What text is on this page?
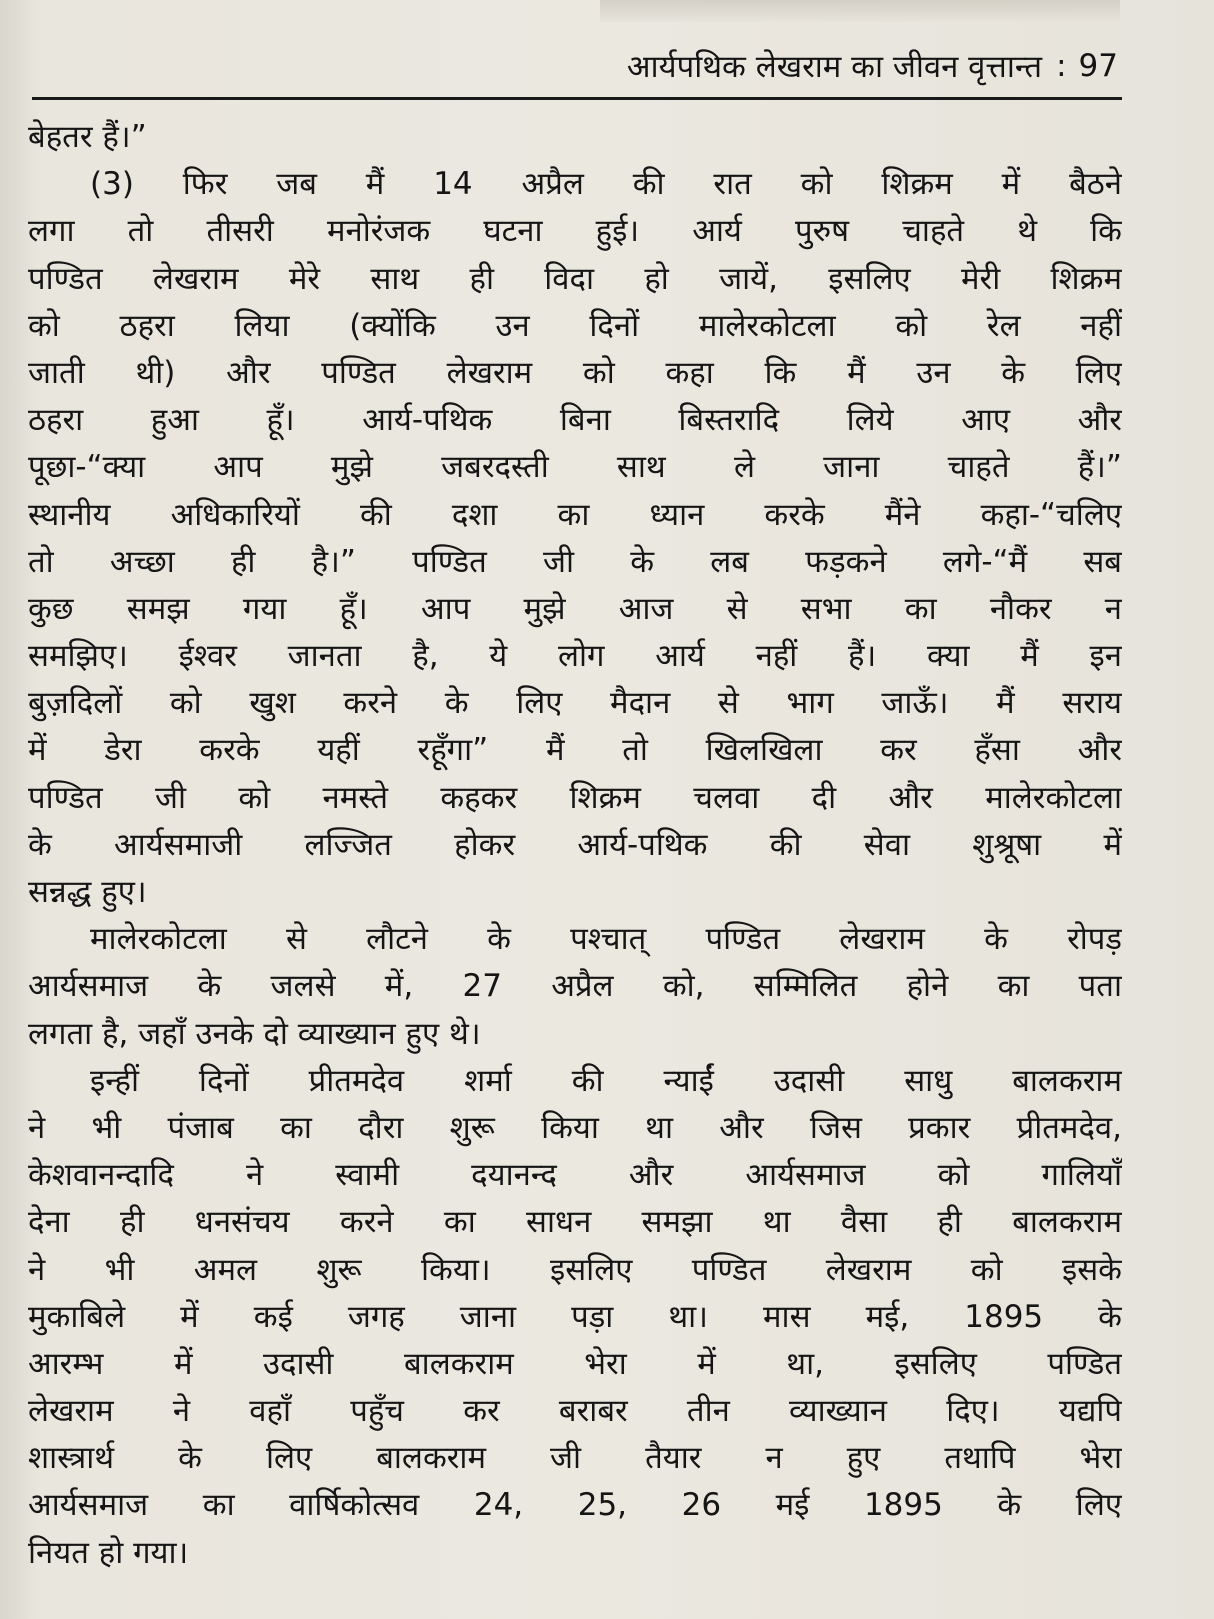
आर्यपथिक लेखराम का जीवन वृत्तान्त : 97
बेहतर हैं।”
(3) फिर जब मैं 14 अप्रैल की रात को शिक्रम में बैठने
लगा तो तीसरी मनोरंजक घटना हुई। आर्य पुरुष चाहते थे कि
पण्डित लेखराम मेरे साथ ही विदा हो जायें, इसलिए मेरी शिक्रम
को ठहरा लिया (क्योंकि उन दिनों मालेरकोटला को रेल नहीं
जाती थी) और पण्डित लेखराम को कहा कि मैं उन के लिए
ठहरा हुआ हूँ। आर्य-पथिक बिना बिस्तरादि लिये आए और
पूछा-“क्या आप मुझे जबरदस्ती साथ ले जाना चाहते हैं।”
स्थानीय अधिकारियों की दशा का ध्यान करके मैंने कहा-“चलिए
तो अच्छा ही है।” पण्डित जी के लब फड़कने लगे-“मैं सब
कुछ समझ गया हूँ। आप मुझे आज से सभा का नौकर न
समझिए। ईश्वर जानता है, ये लोग आर्य नहीं हैं। क्या मैं इन
बुज़दिलों को खुश करने के लिए मैदान से भाग जाऊँ। मैं सराय
में डेरा करके यहीं रहूँगा” मैं तो खिलखिला कर हँसा और
पण्डित जी को नमस्ते कहकर शिक्रम चलवा दी और मालेरकोटला
के आर्यसमाजी लज्जित होकर आर्य-पथिक की सेवा शुश्रूषा में
सन्नद्ध हुए।
मालेरकोटला से लौटने के पश्चात् पण्डित लेखराम के रोपड़
आर्यसमाज के जलसे में, 27 अप्रैल को, सम्मिलित होने का पता
लगता है, जहाँ उनके दो व्याख्यान हुए थे।
इन्हीं दिनों प्रीतमदेव शर्मा की न्याईं उदासी साधु बालकराम
ने भी पंजाब का दौरा शुरू किया था और जिस प्रकार प्रीतमदेव,
केशवानन्दादि ने स्वामी दयानन्द और आर्यसमाज को गालियाँ
देना ही धनसंचय करने का साधन समझा था वैसा ही बालकराम
ने भी अमल शुरू किया। इसलिए पण्डित लेखराम को इसके
मुकाबिले में कई जगह जाना पड़ा था। मास मई, 1895 के
आरम्भ में उदासी बालकराम भेरा में था, इसलिए पण्डित
लेखराम ने वहाँ पहुँच कर बराबर तीन व्याख्यान दिए। यद्यपि
शास्त्रार्थ के लिए बालकराम जी तैयार न हुए तथापि भेरा
आर्यसमाज का वार्षिकोत्सव 24, 25, 26 मई 1895 के लिए
नियत हो गया।
